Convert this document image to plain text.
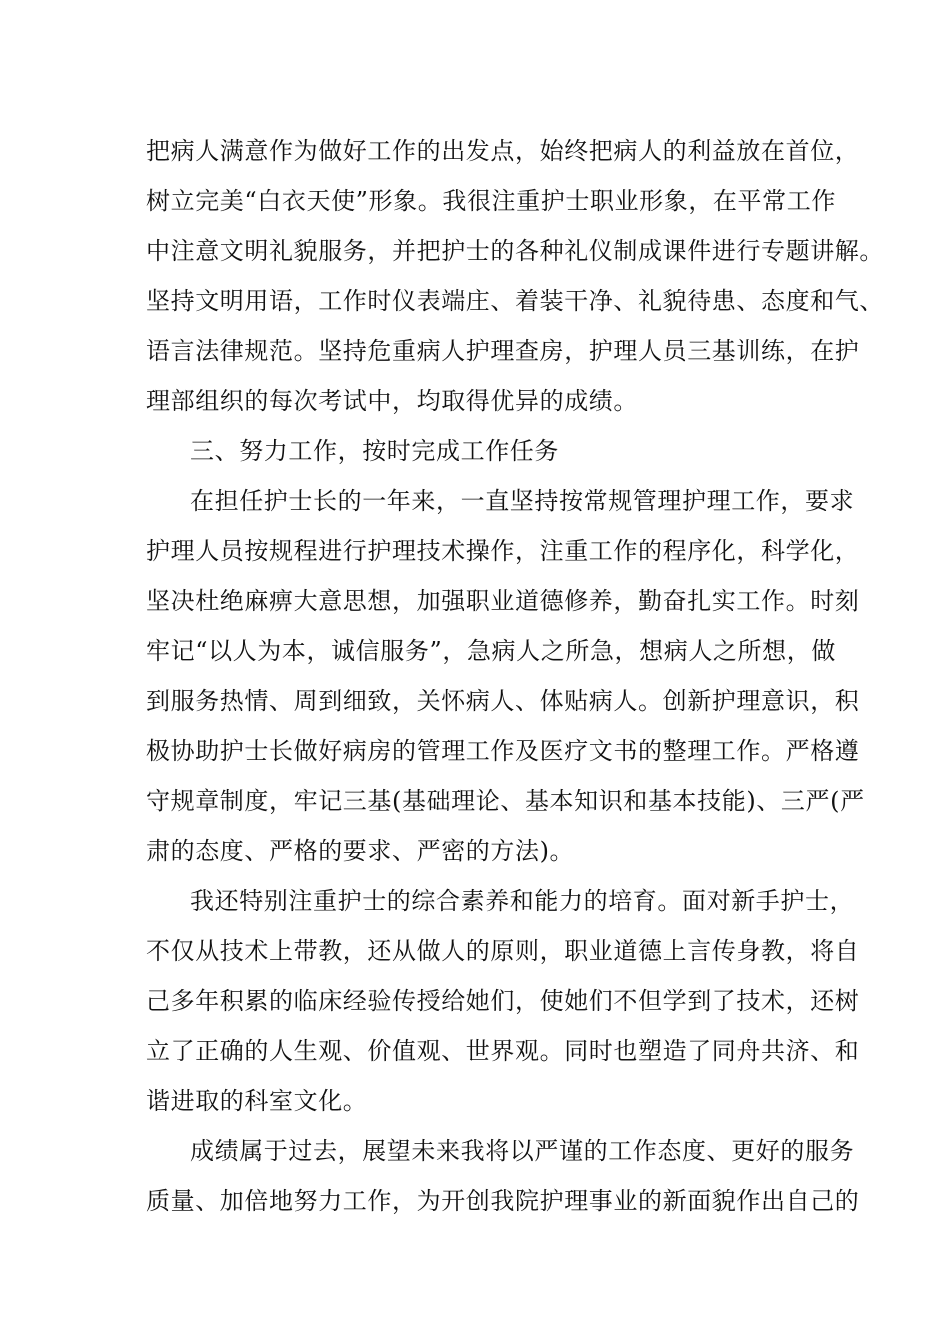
把病人满意作为做好工作的出发点，始终把病人的利益放在首位，
树立完美“白衣天使”形象。我很注重护士职业形象，在平常工作
中注意文明礼貌服务，并把护士的各种礼仪制成课件进行专题讲解。
坚持文明用语，工作时仪表端庄、着装干净、礼貌待患、态度和气、
语言法律规范。坚持危重病人护理查房，护理人员三基训练，在护
理部组织的每次考试中，均取得优异的成绩。
三、努力工作，按时完成工作任务
在担任护士长的一年来，一直坚持按常规管理护理工作，要求
护理人员按规程进行护理技术操作，注重工作的程序化，科学化，
坚决杜绝麻痹大意思想，加强职业道德修养，勤奋扎实工作。时刻
牢记“以人为本，诚信服务”，急病人之所急，想病人之所想，做
到服务热情、周到细致，关怀病人、体贴病人。创新护理意识，积
极协助护士长做好病房的管理工作及医疗文书的整理工作。严格遵
守规章制度，牢记三基(基础理论、基本知识和基本技能)、三严(严
肃的态度、严格的要求、严密的方法)。
我还特别注重护士的综合素养和能力的培育。面对新手护士，
不仅从技术上带教，还从做人的原则，职业道德上言传身教，将自
己多年积累的临床经验传授给她们，使她们不但学到了技术，还树
立了正确的人生观、价值观、世界观。同时也塑造了同舟共济、和
谐进取的科室文化。
成绩属于过去，展望未来我将以严谨的工作态度、更好的服务
质量、加倍地努力工作，为开创我院护理事业的新面貌作出自己的
